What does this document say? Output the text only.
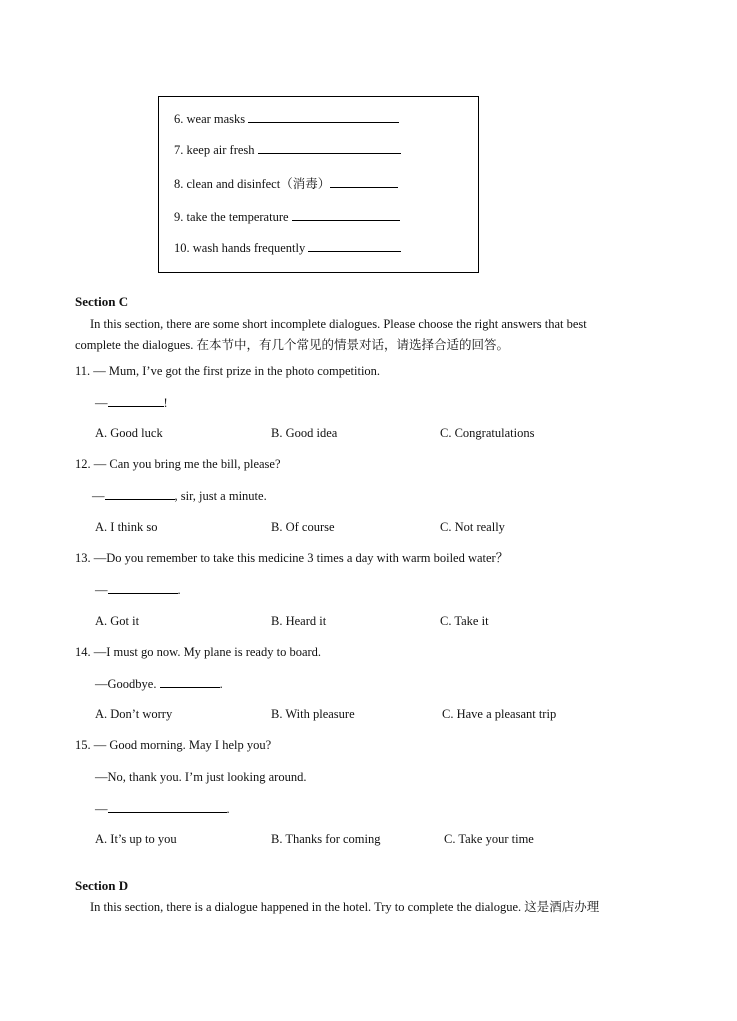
6. wear masks
7. keep air fresh
8. clean and disinfect（消毒）
9. take the temperature
10. wash hands frequently
Section C
In this section, there are some short incomplete dialogues. Please choose the right answers that best
complete the dialogues. 在本节中，有几个常见的情景对话，请选择合适的回答。
11. — Mum, I’ve got the first prize in the photo competition.
—	!
A. Good luck	B. Good idea	C. Congratulations
12. — Can you bring me the bill, please?
—	, sir, just a minute.
A. I think so	B. Of course	C. Not really
13. —Do you remember to take this medicine 3 times a day with warm boiled water？
—	.
A. Got it	B. Heard it	C. Take it
14. —I must go now. My plane is ready to board.
—Goodbye.	.
A. Don’t worry	B. With pleasure	C. Have a pleasant trip
15. — Good morning. May I help you?
—No, thank you. I’m just looking around.
—	.
A. It’s up to you	B. Thanks for coming	C. Take your time
Section D
In this section, there is a dialogue happened in the hotel. Try to complete the dialogue. 这是酒店办理
